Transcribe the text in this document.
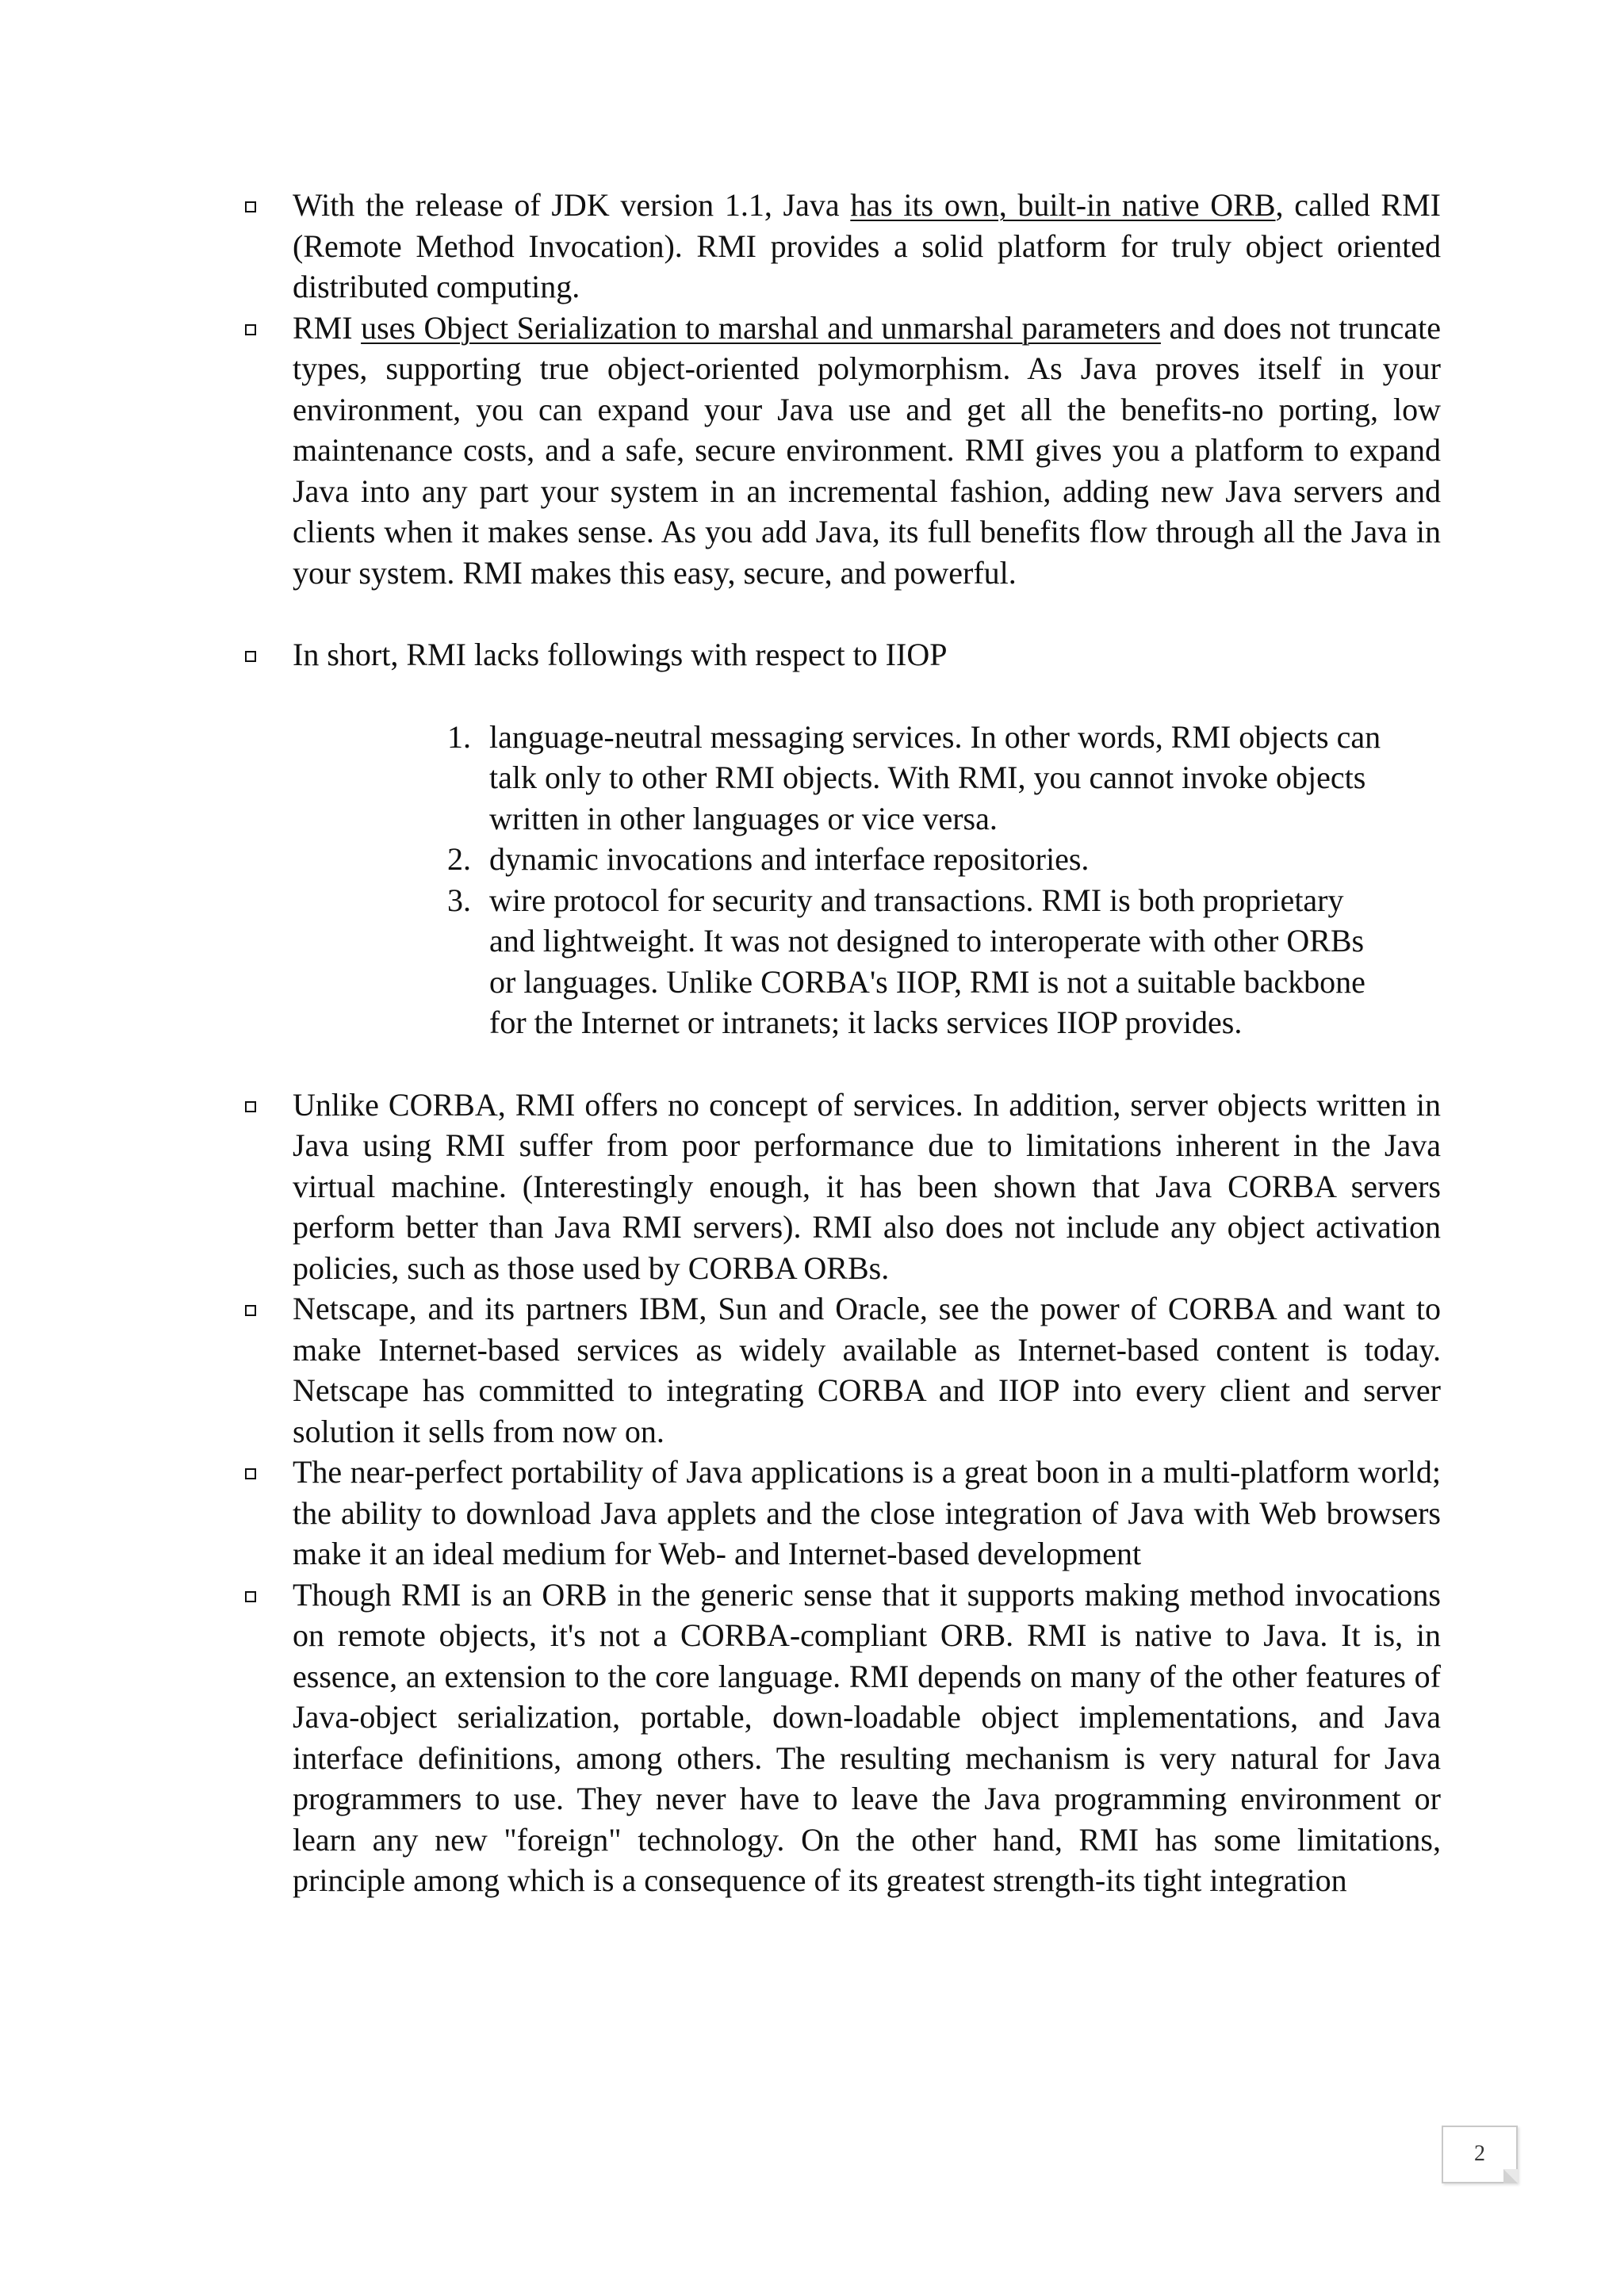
With the release of JDK version 1.1, Java has its own, built-in native ORB, called RMI (Remote Method Invocation). RMI provides a solid platform for truly object oriented distributed computing.
RMI uses Object Serialization to marshal and unmarshal parameters and does not truncate types, supporting true object-oriented polymorphism. As Java proves itself in your environment, you can expand your Java use and get all the benefits-no porting, low maintenance costs, and a safe, secure environment. RMI gives you a platform to expand Java into any part your system in an incremental fashion, adding new Java servers and clients when it makes sense. As you add Java, its full benefits flow through all the Java in your system. RMI makes this easy, secure, and powerful.
In short, RMI lacks followings with respect to IIOP
1. language-neutral messaging services. In other words, RMI objects can talk only to other RMI objects. With RMI, you cannot invoke objects written in other languages or vice versa.
2. dynamic invocations and interface repositories.
3. wire protocol for security and transactions. RMI is both proprietary and lightweight. It was not designed to interoperate with other ORBs or languages. Unlike CORBA's IIOP, RMI is not a suitable backbone for the Internet or intranets; it lacks services IIOP provides.
Unlike CORBA, RMI offers no concept of services. In addition, server objects written in Java using RMI suffer from poor performance due to limitations inherent in the Java virtual machine. (Interestingly enough, it has been shown that Java CORBA servers perform better than Java RMI servers). RMI also does not include any object activation policies, such as those used by CORBA ORBs.
Netscape, and its partners IBM, Sun and Oracle, see the power of CORBA and want to make Internet-based services as widely available as Internet-based content is today. Netscape has committed to integrating CORBA and IIOP into every client and server solution it sells from now on.
The near-perfect portability of Java applications is a great boon in a multi-platform world; the ability to download Java applets and the close integration of Java with Web browsers make it an ideal medium for Web- and Internet-based development
Though RMI is an ORB in the generic sense that it supports making method invocations on remote objects, it's not a CORBA-compliant ORB. RMI is native to Java. It is, in essence, an extension to the core language. RMI depends on many of the other features of Java-object serialization, portable, down-loadable object implementations, and Java interface definitions, among others. The resulting mechanism is very natural for Java programmers to use. They never have to leave the Java programming environment or learn any new "foreign" technology. On the other hand, RMI has some limitations, principle among which is a consequence of its greatest strength-its tight integration
2
